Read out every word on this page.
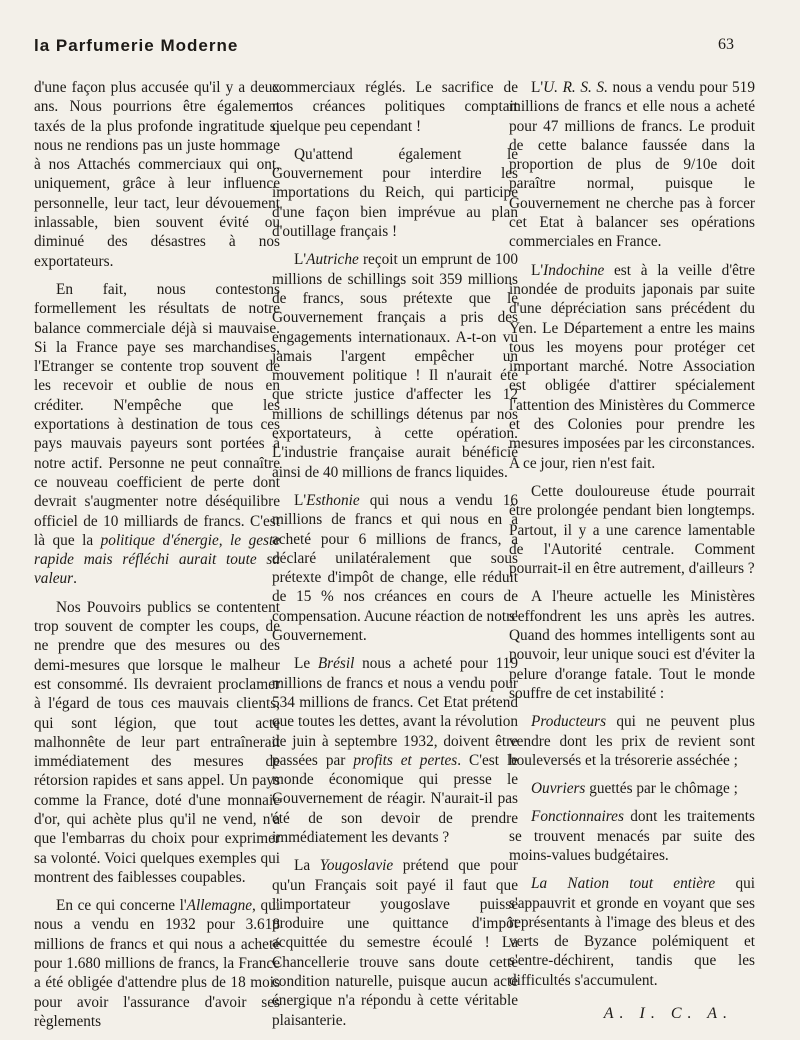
la Parfumerie Moderne	63

d'une façon plus accusée qu'il y a deux ans. Nous pourrions être également taxés de la plus profonde ingratitude si nous ne rendions pas un juste hommage à nos Attachés commerciaux qui ont, uniquement, grâce à leur influence personnelle, leur tact, leur dévouement inlassable, bien souvent évité ou diminué des désastres à nos exportateurs.

En fait, nous contestons formellement les résultats de notre balance commerciale déjà si mauvaise. Si la France paye ses marchandises, l'Etranger se contente trop souvent de les recevoir et oublie de nous en créditer. N'empêche que les exportations à destination de tous ces pays mauvais payeurs sont portées à notre actif. Personne ne peut connaître ce nouveau coefficient de perte dont devrait s'augmenter notre déséquilibre officiel de 10 milliards de francs. C'est là que la politique d'énergie, le geste rapide mais réfléchi aurait toute sa valeur.

Nos Pouvoirs publics se contentent trop souvent de compter les coups, de ne prendre que des mesures ou des demi-mesures que lorsque le malheur est consommé. Ils devraient proclamer à l'égard de tous ces mauvais clients, qui sont légion, que tout acte malhonnête de leur part entraînerait immédiatement des mesures de rétorsion rapides et sans appel. Un pays comme la France, doté d'une monnaie d'or, qui achète plus qu'il ne vend, n'a que l'embarras du choix pour exprimer sa volonté. Voici quelques exemples qui montrent des faiblesses coupables.

En ce qui concerne l'Allemagne, qui nous a vendu en 1932 pour 3.618 millions de francs et qui nous a acheté pour 1.680 millions de francs, la France a été obligée d'attendre plus de 18 mois pour avoir l'assurance d'avoir ses règlements

commerciaux réglés. Le sacrifice de nos créances politiques comptait quelque peu cependant !

Qu'attend également le Gouvernement pour interdire les importations du Reich, qui participe d'une façon bien imprévue au plan d'outillage français !

L'Autriche reçoit un emprunt de 100 millions de schillings soit 359 millions de francs, sous prétexte que le Gouvernement français a pris des engagements internationaux. A-t-on vu jamais l'argent empêcher un mouvement politique ! Il n'aurait été que stricte justice d'affecter les 12 millions de schillings détenus par nos exportateurs, à cette opération. L'industrie française aurait bénéficié ainsi de 40 millions de francs liquides.

L'Esthonie qui nous a vendu 16 millions de francs et qui nous en a acheté pour 6 millions de francs, a déclaré unilatéralement que sous prétexte d'impôt de change, elle réduit de 15 % nos créances en cours de compensation. Aucune réaction de notre Gouvernement.

Le Brésil nous a acheté pour 119 millions de francs et nous a vendu pour 534 millions de francs. Cet Etat prétend que toutes les dettes, avant la révolution de juin à septembre 1932, doivent être passées par profits et pertes. C'est le monde économique qui presse le Gouvernement de réagir. N'aurait-il pas été de son devoir de prendre immédiatement les devants ?

La Yougoslavie prétend que pour qu'un Français soit payé il faut que l'importateur yougoslave puisse produire une quittance d'impôt acquittée du semestre écoulé ! La Chancellerie trouve sans doute cette condition naturelle, puisque aucun acte énergique n'a répondu à cette véritable plaisanterie.

L'U. R. S. S. nous a vendu pour 519 millions de francs et elle nous a acheté pour 47 millions de francs. Le produit de cette balance faussée dans la proportion de plus de 9/10e doit paraître normal, puisque le Gouvernement ne cherche pas à forcer cet Etat à balancer ses opérations commerciales en France.

L'Indochine est à la veille d'être inondée de produits japonais par suite d'une dépréciation sans précédent du Yen. Le Département a entre les mains tous les moyens pour protéger cet important marché. Notre Association est obligée d'attirer spécialement l'attention des Ministères du Commerce et des Colonies pour prendre les mesures imposées par les circonstances. A ce jour, rien n'est fait.

Cette douloureuse étude pourrait être prolongée pendant bien longtemps. Partout, il y a une carence lamentable de l'Autorité centrale. Comment pourrait-il en être autrement, d'ailleurs ?

A l'heure actuelle les Ministères s'effondrent les uns après les autres. Quand des hommes intelligents sont au pouvoir, leur unique souci est d'éviter la pelure d'orange fatale. Tout le monde souffre de cet instabilité :

Producteurs qui ne peuvent plus vendre dont les prix de revient sont bouleversés et la trésorerie asséchée ;

Ouvriers guettés par le chômage ;

Fonctionnaires dont les traitements se trouvent menacés par suite des moins-values budgétaires.

La Nation tout entière qui s'appauvrit et gronde en voyant que ses représentants à l'image des bleus et des verts de Byzance polémiquent et s'entre-déchirent, tandis que les difficultés s'accumulent.

A. I. C. A.
